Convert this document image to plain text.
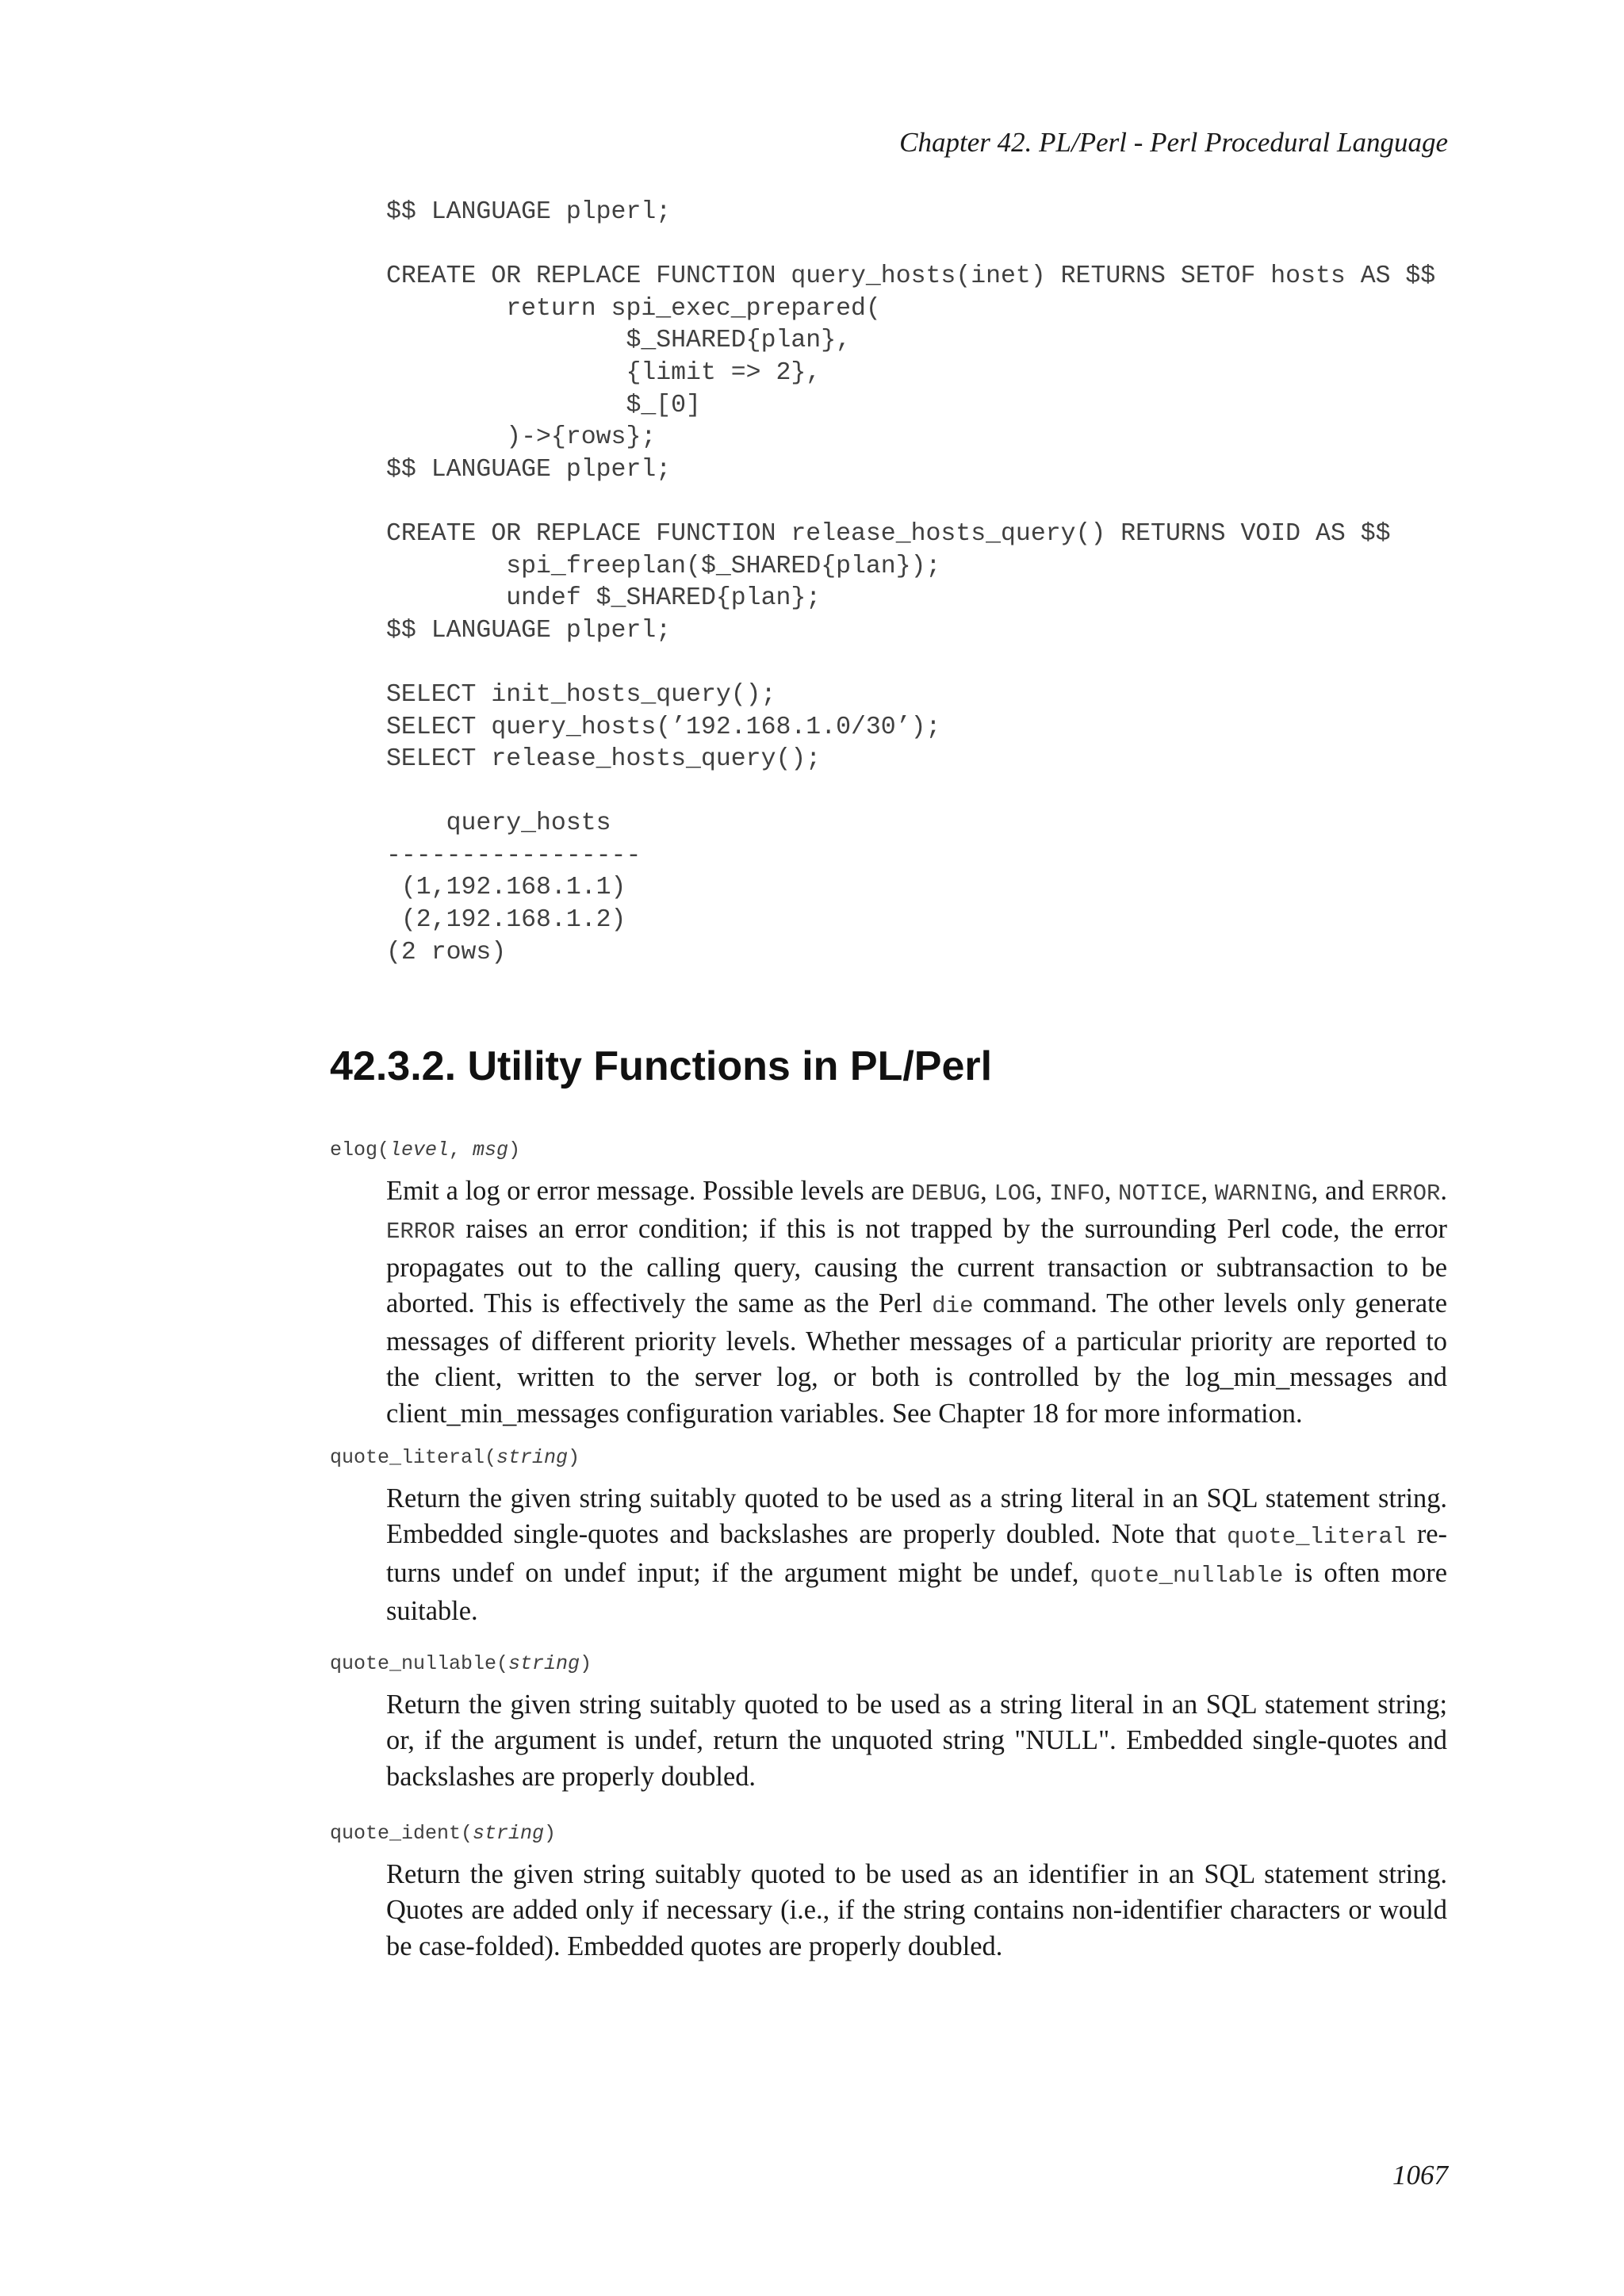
Chapter 42. PL/Perl - Perl Procedural Language
$$ LANGUAGE plperl;

CREATE OR REPLACE FUNCTION query_hosts(inet) RETURNS SETOF hosts AS $$
return spi_exec_prepared(
$_SHARED{plan},
{limit => 2},
$_[0]
)->{rows};
$$ LANGUAGE plperl;

CREATE OR REPLACE FUNCTION release_hosts_query() RETURNS VOID AS $$
spi_freeplan($_SHARED{plan});
undef $_SHARED{plan};
$$ LANGUAGE plperl;

SELECT init_hosts_query();
SELECT query_hosts(’192.168.1.0/30’);
SELECT release_hosts_query();

query_hosts
-----------------
(1,192.168.1.1)
(2,192.168.1.2)
(2 rows)
42.3.2. Utility Functions in PL/Perl
elog(level, msg)

Emit a log or error message. Possible levels are DEBUG, LOG, INFO, NOTICE, WARNING, and ERROR. ERROR raises an error condition; if this is not trapped by the surrounding Perl code, the error propagates out to the calling query, causing the current transaction or subtransaction to be aborted. This is effectively the same as the Perl die command. The other levels only generate messages of different priority levels. Whether messages of a particular priority are reported to the client, written to the server log, or both is controlled by the log_min_messages and client_min_messages configuration variables. See Chapter 18 for more information.

quote_literal(string)

Return the given string suitably quoted to be used as a string literal in an SQL statement string. Embedded single-quotes and backslashes are properly doubled. Note that quote_literal returns undef on undef input; if the argument might be undef, quote_nullable is often more suitable.

quote_nullable(string)

Return the given string suitably quoted to be used as a string literal in an SQL statement string; or, if the argument is undef, return the unquoted string "NULL". Embedded single-quotes and backslashes are properly doubled.

quote_ident(string)

Return the given string suitably quoted to be used as an identifier in an SQL statement string. Quotes are added only if necessary (i.e., if the string contains non-identifier characters or would be case-folded). Embedded quotes are properly doubled.

1067
